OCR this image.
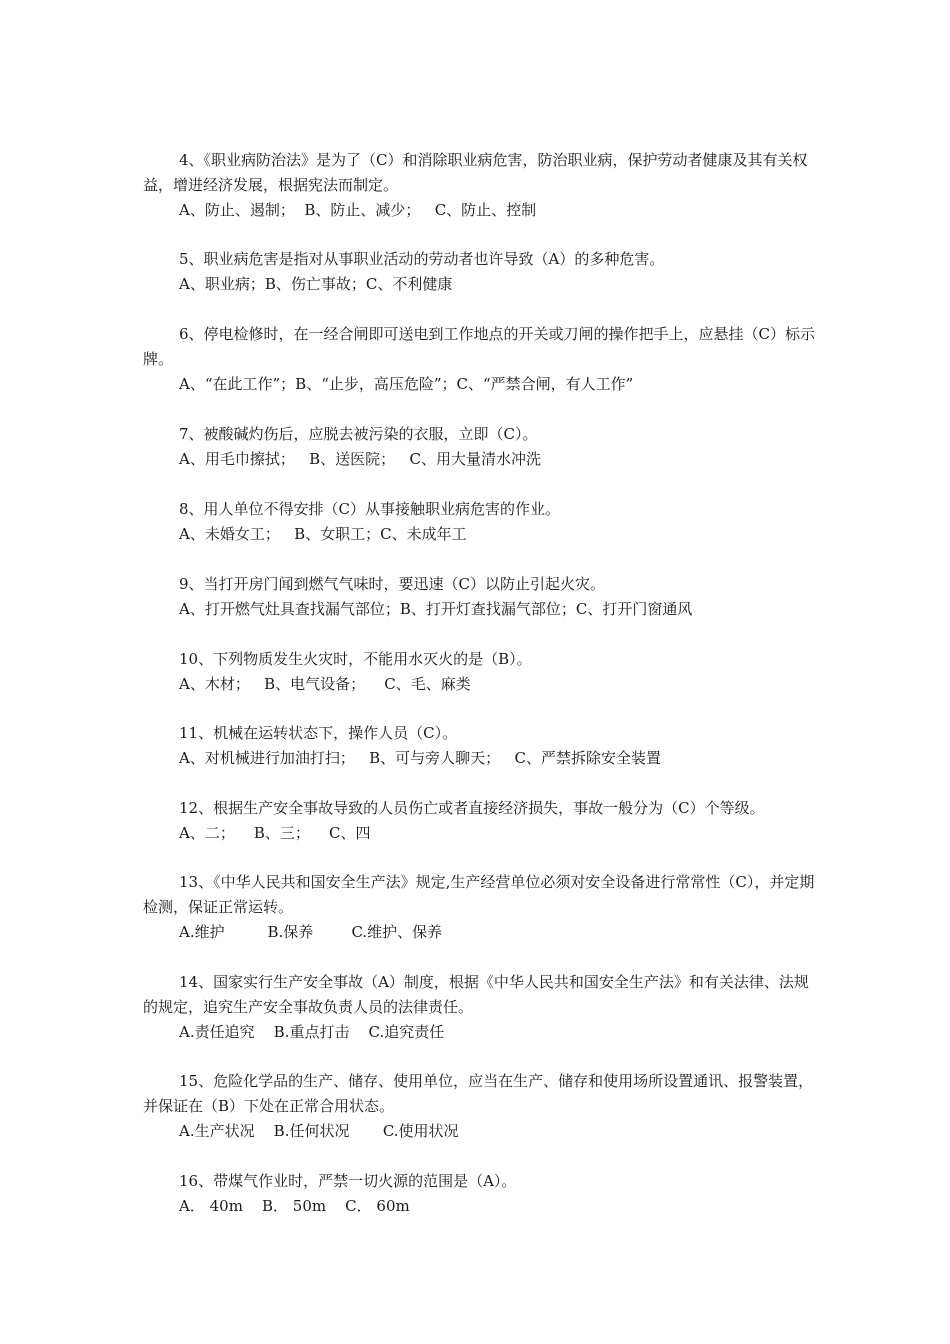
4、《职业病防治法》是为了（C）和消除职业病危害，防治职业病，保护劳动者健康及其有关权益，增进经济发展，根据宪法而制定。

A、防止、遏制；  B、防止、减少；   C、防止、控制

5、职业病危害是指对从事职业活动的劳动者也许导致（A）的多种危害。

A、职业病；B、伤亡事故；C、不利健康

6、停电检修时，在一经合闸即可送电到工作地点的开关或刀闸的操作把手上，应悬挂（C）标示牌。

A、“在此工作”；B、“止步，高压危险”；C、“严禁合闸，有人工作”

7、被酸碱灼伤后，应脱去被污染的衣服，立即（C）。

A、用毛巾擦拭；   B、送医院；   C、用大量清水冲洗

8、用人单位不得安排（C）从事接触职业病危害的作业。

A、未婚女工；   B、女职工；C、未成年工

9、当打开房门闻到燃气气味时，要迅速（C）以防止引起火灾。

A、打开燃气灶具查找漏气部位；B、打开灯查找漏气部位；C、打开门窗通风

10、下列物质发生火灾时，不能用水灭火的是（B）。

A、木材；   B、电气设备；    C、毛、麻类

11、机械在运转状态下，操作人员（C）。

A、对机械进行加油打扫；   B、可与旁人聊天；   C、严禁拆除安全装置

12、根据生产安全事故导致的人员伤亡或者直接经济损失，事故一般分为（C）个等级。

A、二；    B、三；    C、四

13、《中华人民共和国安全生产法》规定,生产经营单位必须对安全设备进行常常性（C），并定期检测，保证正常运转。

A.维护         B.保养        C.维护、保养

14、国家实行生产安全事故（A）制度，根据《中华人民共和国安全生产法》和有关法律、法规的规定，追究生产安全事故负责人员的法律责任。

A.责任追究    B.重点打击    C.追究责任

15、危险化学品的生产、储存、使用单位，应当在生产、储存和使用场所设置通讯、报警装置，并保证在（B）下处在正常合用状态。

A.生产状况    B.任何状况       C.使用状况

16、带煤气作业时，严禁一切火源的范围是（A）。

A． 40m    B． 50m    C． 60m
